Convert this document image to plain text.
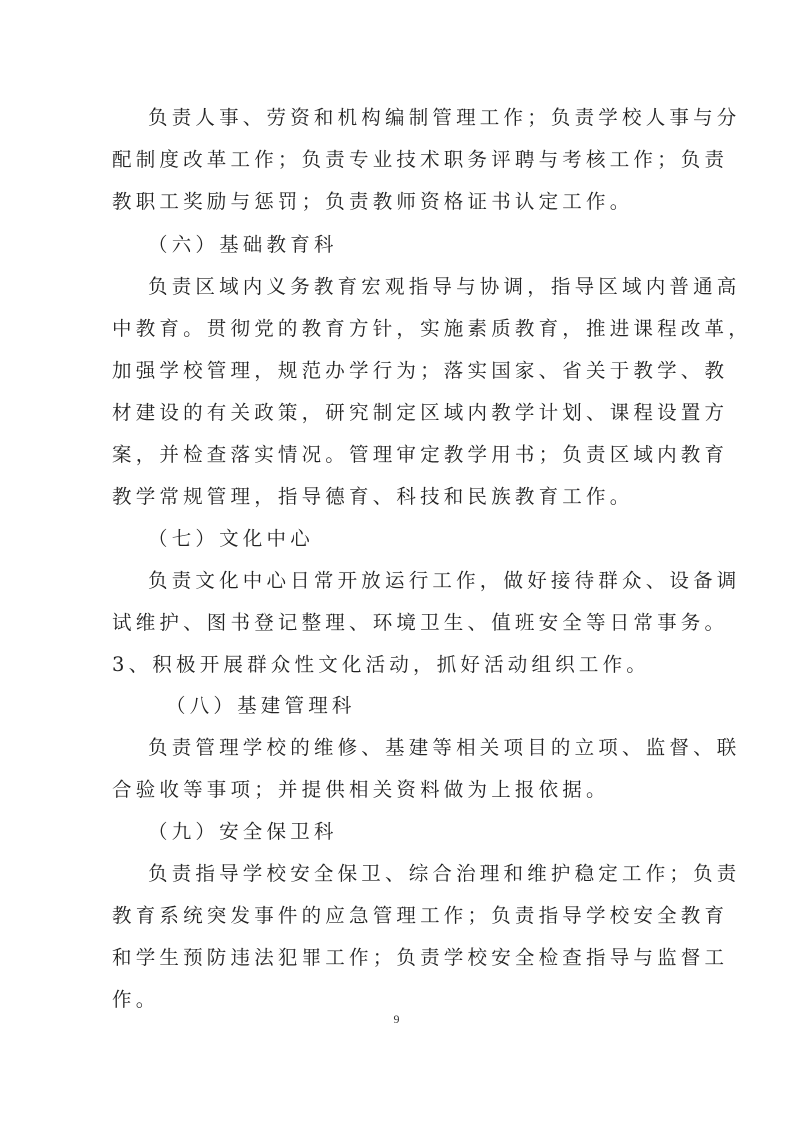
负责人事、劳资和机构编制管理工作；负责学校人事与分

配制度改革工作；负责专业技术职务评聘与考核工作；负责

教职工奖励与惩罚；负责教师资格证书认定工作。

（六）基础教育科

负责区域内义务教育宏观指导与协调，指导区域内普通高

中教育。贯彻党的教育方针，实施素质教育，推进课程改革，

加强学校管理，规范办学行为；落实国家、省关于教学、教

材建设的有关政策，研究制定区域内教学计划、课程设置方

案，并检查落实情况。管理审定教学用书；负责区域内教育

教学常规管理，指导德育、科技和民族教育工作。

（七）文化中心

负责文化中心日常开放运行工作，做好接待群众、设备调

试维护、图书登记整理、环境卫生、值班安全等日常事务。

3、积极开展群众性文化活动，抓好活动组织工作。

（八）基建管理科

负责管理学校的维修、基建等相关项目的立项、监督、联

合验收等事项；并提供相关资料做为上报依据。

（九）安全保卫科

负责指导学校安全保卫、综合治理和维护稳定工作；负责

教育系统突发事件的应急管理工作；负责指导学校安全教育

和学生预防违法犯罪工作；负责学校安全检查指导与监督工

作。

9
